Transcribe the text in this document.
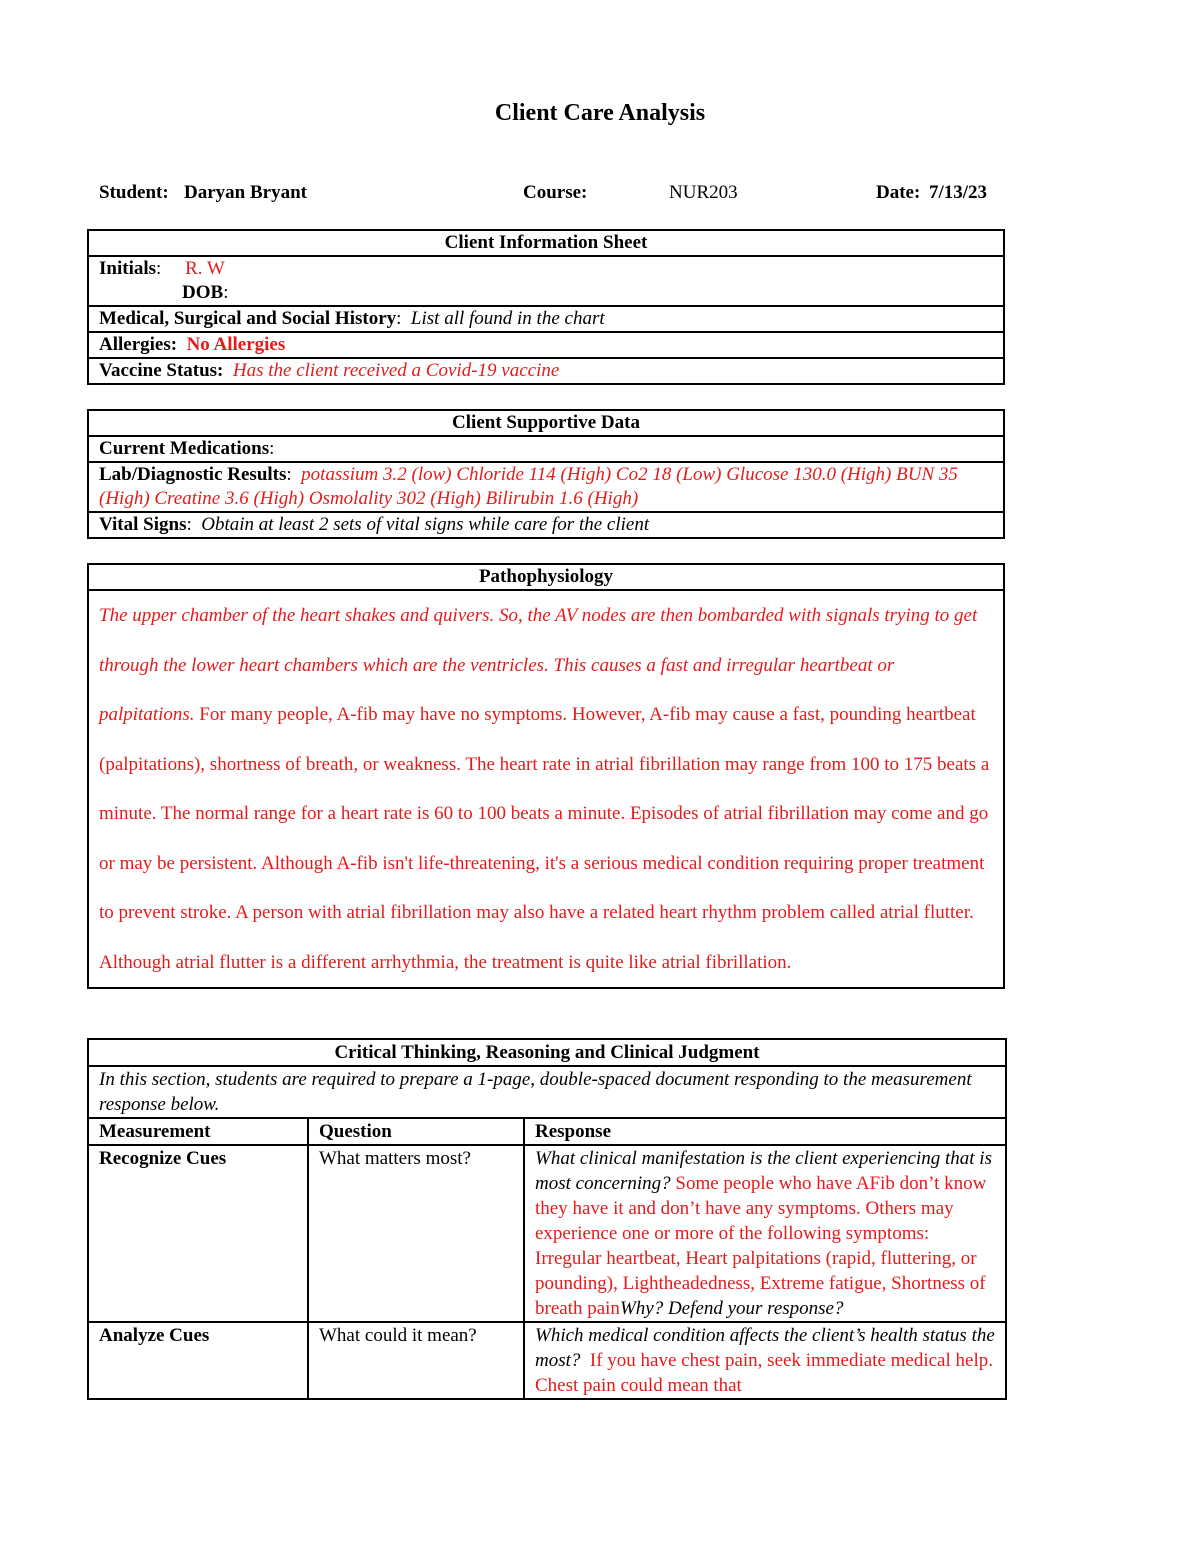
Client Care Analysis
Student: Daryan Bryant	Course:	NUR203	Date: 7/13/23
Client Information Sheet

Initials:     R. W
DOB:

Medical, Surgical and Social History:  List all found in the chart
Allergies: No Allergies
Vaccine Status: Has the client received a Covid-19 vaccine
Client Supportive Data
Current Medications:
Lab/Diagnostic Results:  potassium 3.2 (low) Chloride 114 (High) Co2 18 (Low) Glucose 130.0 (High) BUN 35 (High) Creatine 3.6 (High) Osmolality 302 (High) Bilirubin 1.6 (High)
Vital Signs:  Obtain at least 2 sets of vital signs while care for the client
Pathophysiology
The upper chamber of the heart shakes and quivers. So, the AV nodes are then bombarded with signals trying to get through the lower heart chambers which are the ventricles. This causes a fast and irregular heartbeat or palpitations. For many people, A-fib may have no symptoms. However, A-fib may cause a fast, pounding heartbeat (palpitations), shortness of breath, or weakness. The heart rate in atrial fibrillation may range from 100 to 175 beats a minute. The normal range for a heart rate is 60 to 100 beats a minute. Episodes of atrial fibrillation may come and go or may be persistent. Although A-fib isn't life-threatening, it's a serious medical condition requiring proper treatment to prevent stroke. A person with atrial fibrillation may also have a related heart rhythm problem called atrial flutter. Although atrial flutter is a different arrhythmia, the treatment is quite like atrial fibrillation.
Critical Thinking, Reasoning and Clinical Judgment		
In this section, students are required to prepare a 1-page, double-spaced document responding to the measurement response below.		
Measurement	Question	Response
Recognize Cues	What matters most?	What clinical manifestation is the client experiencing that is most concerning? Some people who have AFib don’t know they have it and don’t have any symptoms. Others may experience one or more of the following symptoms: Irregular heartbeat, Heart palpitations (rapid, fluttering, or pounding), Lightheadedness, Extreme fatigue, Shortness of breath painWhy? Defend your response?
Analyze Cues	What could it mean?	Which medical condition affects the client’s health status the most? If you have chest pain, seek immediate medical help. Chest pain could mean that
